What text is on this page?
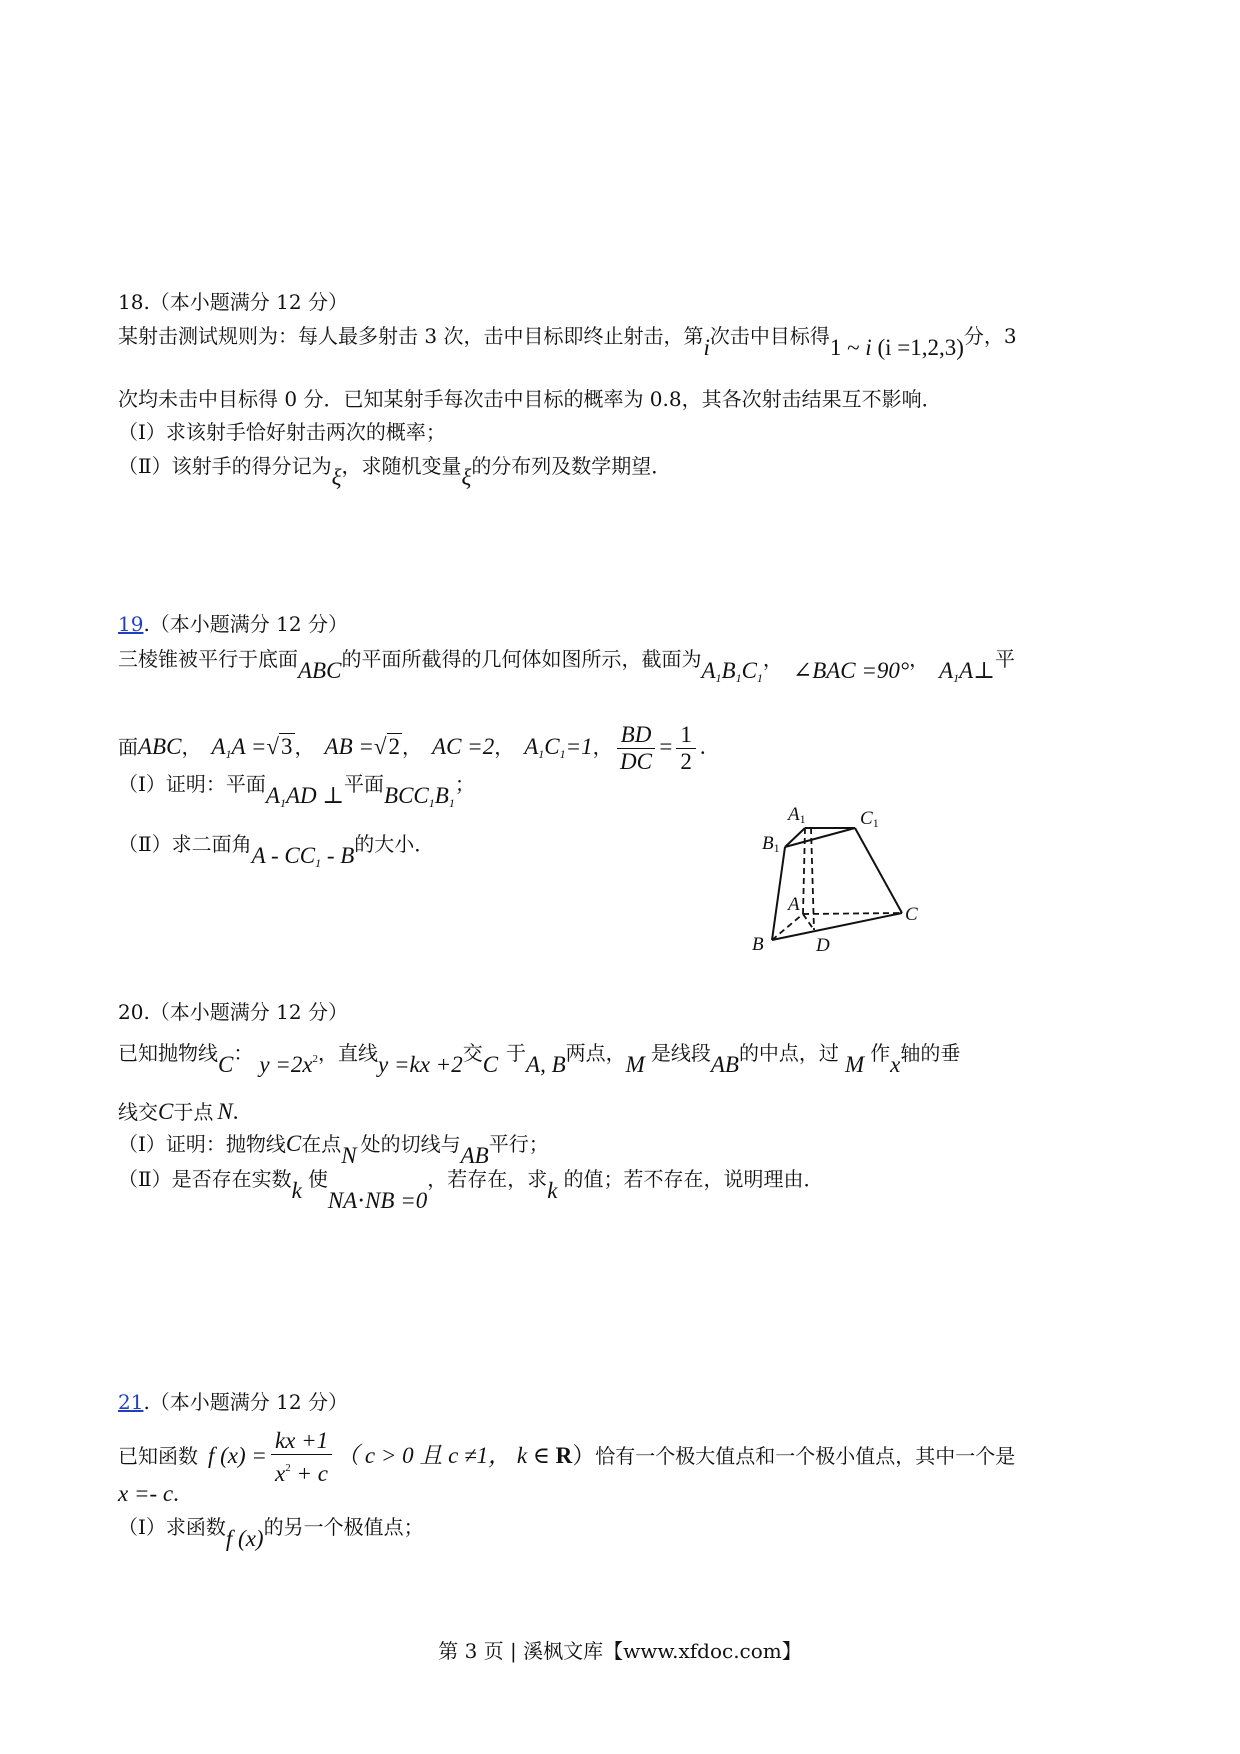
18.（本小题满分 12 分）
某射击测试规则为：每人最多射击 3 次，击中目标即终止射击，第i次击中目标得1 ~ i (i =1,2,3)分，3
次均未击中目标得 0 分．已知某射手每次击中目标的概率为 0.8，其各次射击结果互不影响．
（Ⅰ）求该射手恰好射击两次的概率；
（Ⅱ）该射手的得分记为ξ，求随机变量ξ的分布列及数学期望．
19.（本小题满分 12 分）
三棱锥被平行于底面ABC的平面所截得的几何体如图所示，截面为$A_1B_1C_1$， ∠BAC =90°， $A_1A\perp$平
面ABC， $A_1A =√3$ ， AB =√2 ， AC =2， $A_1C_1=1$， $\frac{BD}{DC} = \frac{1}{2}$ .
（Ⅰ）证明：平面$A_1AD$ ⊥平面$BCC_1B_1$；
（Ⅱ）求二面角A - $CC_1$ - B的大小．
A1	C1
B1
A	C
B	D
20.（本小题满分 12 分）
已知抛物线C： $y =2x^2$，直线y =kx +2交C 于A, B两点，M 是线段AB的中点，过 M 作x轴的垂
线交C于点 N.
（Ⅰ）证明：抛物线C在点N 处的切线与AB平行；
（Ⅱ）是否存在实数k 使NA⋅NB =0，若存在，求k 的值；若不存在，说明理由．
21.（本小题满分 12 分）
已知函数 f $(x) = \frac{kx +1}{x^2 + c}$ （ c > 0 且 c ≠1， k ∈ R）恰有一个极大值点和一个极小值点，其中一个是
x =- c.
（Ⅰ）求函数f (x)的另一个极值点；
第 3 页 | 溪枫文库【www.xfdoc.com】
